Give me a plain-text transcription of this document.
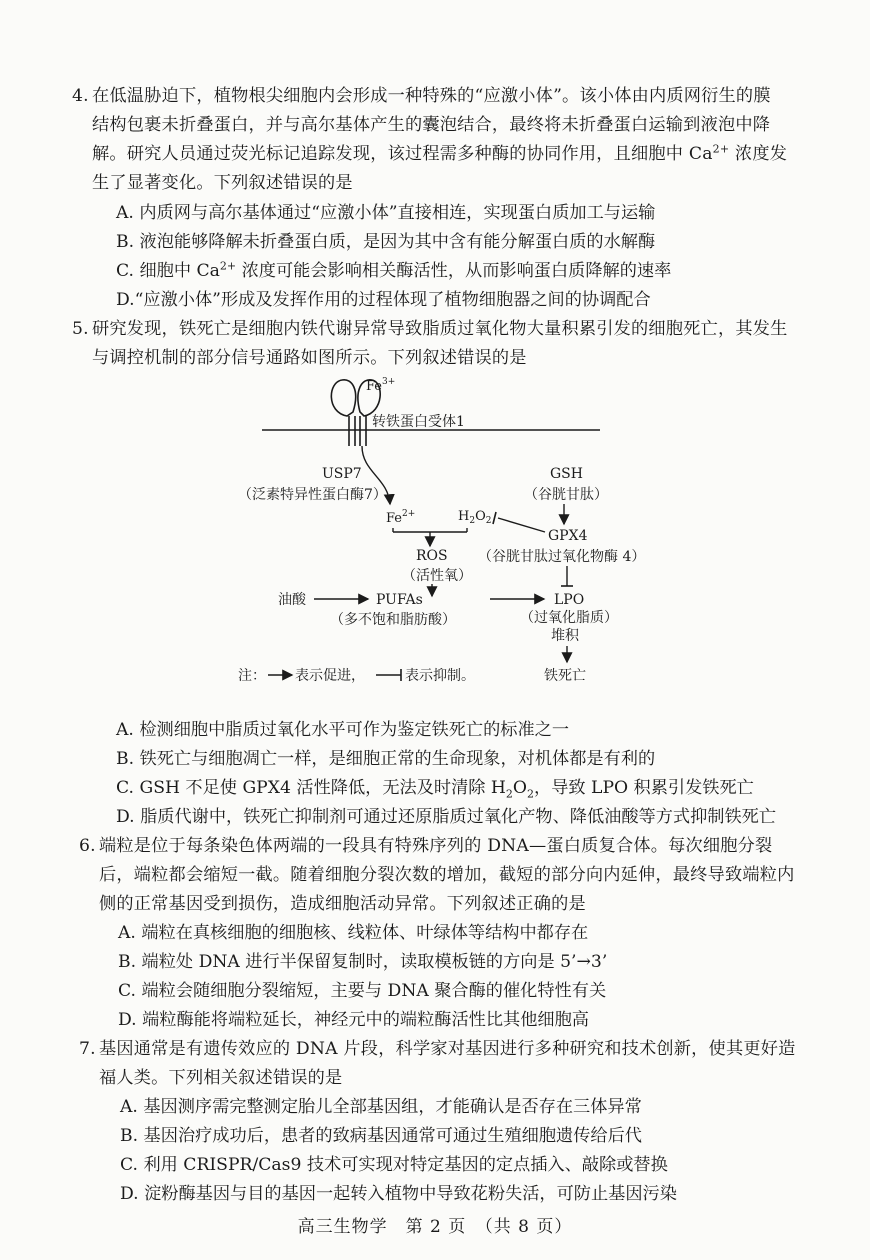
4. 在低温胁迫下，植物根尖细胞内会形成一种特殊的“应激小体”。该小体由内质网衍生的膜
结构包裹未折叠蛋白，并与高尔基体产生的囊泡结合，最终将未折叠蛋白运输到液泡中降
解。研究人员通过荧光标记追踪发现，该过程需多种酶的协同作用，且细胞中 $Ca^{2+}$ 浓度发
生了显著变化。下列叙述错误的是
A. 内质网与高尔基体通过“应激小体”直接相连，实现蛋白质加工与运输
B. 液泡能够降解未折叠蛋白质，是因为其中含有能分解蛋白质的水解酶
C. 细胞中 $Ca^{2+}$ 浓度可能会影响相关酶活性，从而影响蛋白质降解的速率
D.“应激小体”形成及发挥作用的过程体现了植物细胞器之间的协调配合
5. 研究发现，铁死亡是细胞内铁代谢异常导致脂质过氧化物大量积累引发的细胞死亡，其发生
与调控机制的部分信号通路如图所示。下列叙述错误的是
$Fe^{3+}$
转铁蛋白受体1
USP7
（泛素特异性蛋白酶7）
GSH
（谷胱甘肽）
$Fe^{2+}$	$H_2O_2$
GPX4
（谷胱甘肽过氧化物酶 4）
ROS
（活性氧）
油酸	PUFAs
（多不饱和脂肪酸）
LPO
（过氧化脂质）
堆积
注： 表示促进，	表示抑制。	铁死亡
A. 检测细胞中脂质过氧化水平可作为鉴定铁死亡的标准之一
B. 铁死亡与细胞凋亡一样，是细胞正常的生命现象，对机体都是有利的
C. GSH 不足使 GPX4 活性降低，无法及时清除 $H_2O_2$，导致 LPO 积累引发铁死亡
D. 脂质代谢中，铁死亡抑制剂可通过还原脂质过氧化产物、降低油酸等方式抑制铁死亡
6. 端粒是位于每条染色体两端的一段具有特殊序列的 DNA—蛋白质复合体。每次细胞分裂
后，端粒都会缩短一截。随着细胞分裂次数的增加，截短的部分向内延伸，最终导致端粒内
侧的正常基因受到损伤，造成细胞活动异常。下列叙述正确的是
A. 端粒在真核细胞的细胞核、线粒体、叶绿体等结构中都存在
B. 端粒处 DNA 进行半保留复制时，读取模板链的方向是 5’→3’
C. 端粒会随细胞分裂缩短，主要与 DNA 聚合酶的催化特性有关
D. 端粒酶能将端粒延长，神经元中的端粒酶活性比其他细胞高
7. 基因通常是有遗传效应的 DNA 片段，科学家对基因进行多种研究和技术创新，使其更好造
福人类。下列相关叙述错误的是
A. 基因测序需完整测定胎儿全部基因组，才能确认是否存在三体异常
B. 基因治疗成功后，患者的致病基因通常可通过生殖细胞遗传给后代
C. 利用 CRISPR/Cas9 技术可实现对特定基因的定点插入、敲除或替换
D. 淀粉酶基因与目的基因一起转入植物中导致花粉失活，可防止基因污染
高三生物学　第 2 页　（共 8 页）
